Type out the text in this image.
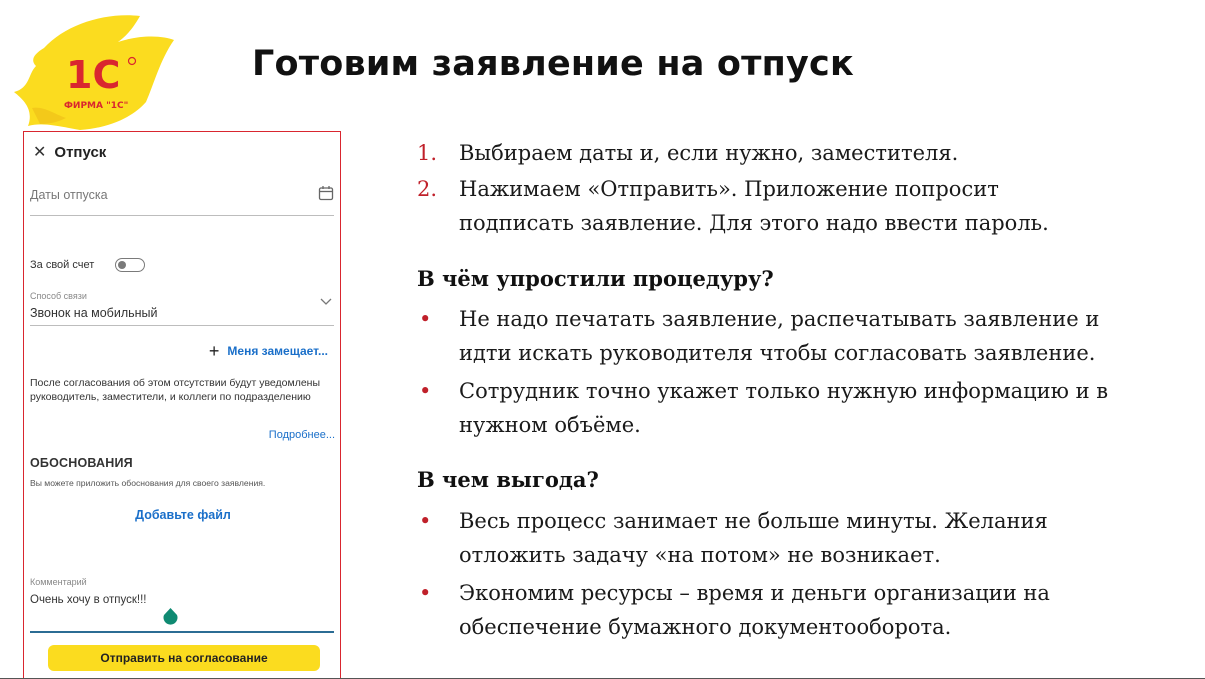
1С
ФИРМА "1С"
Готовим заявление на отпуск
✕ Отпуск
Даты отпуска
За свой счет
Способ связи
Звонок на мобильный
+ Меня замещает...
После согласования об этом отсутствии будут уведомлены руководитель, заместители, и коллеги по подразделению
Подробнее...
ОБОСНОВАНИЯ
Вы можете приложить обоснования для своего заявления.
Добавьте файл
Комментарий
Очень хочу в отпуск!!!
Отправить на согласование
1.	Выбираем даты и, если нужно, заместителя.
2.	Нажимаем «Отправить». Приложение попросит
подписать заявление. Для этого надо ввести пароль.
В чём упростили процедуру?
•	Не надо печатать заявление, распечатывать заявление и
идти искать руководителя чтобы согласовать заявление.
•	Сотрудник точно укажет только нужную информацию и в
нужном объёме.
В чем выгода?
•	Весь процесс занимает не больше минуты. Желания
отложить задачу «на потом» не возникает.
•	Экономим ресурсы – время и деньги организации на
обеспечение бумажного документооборота.
